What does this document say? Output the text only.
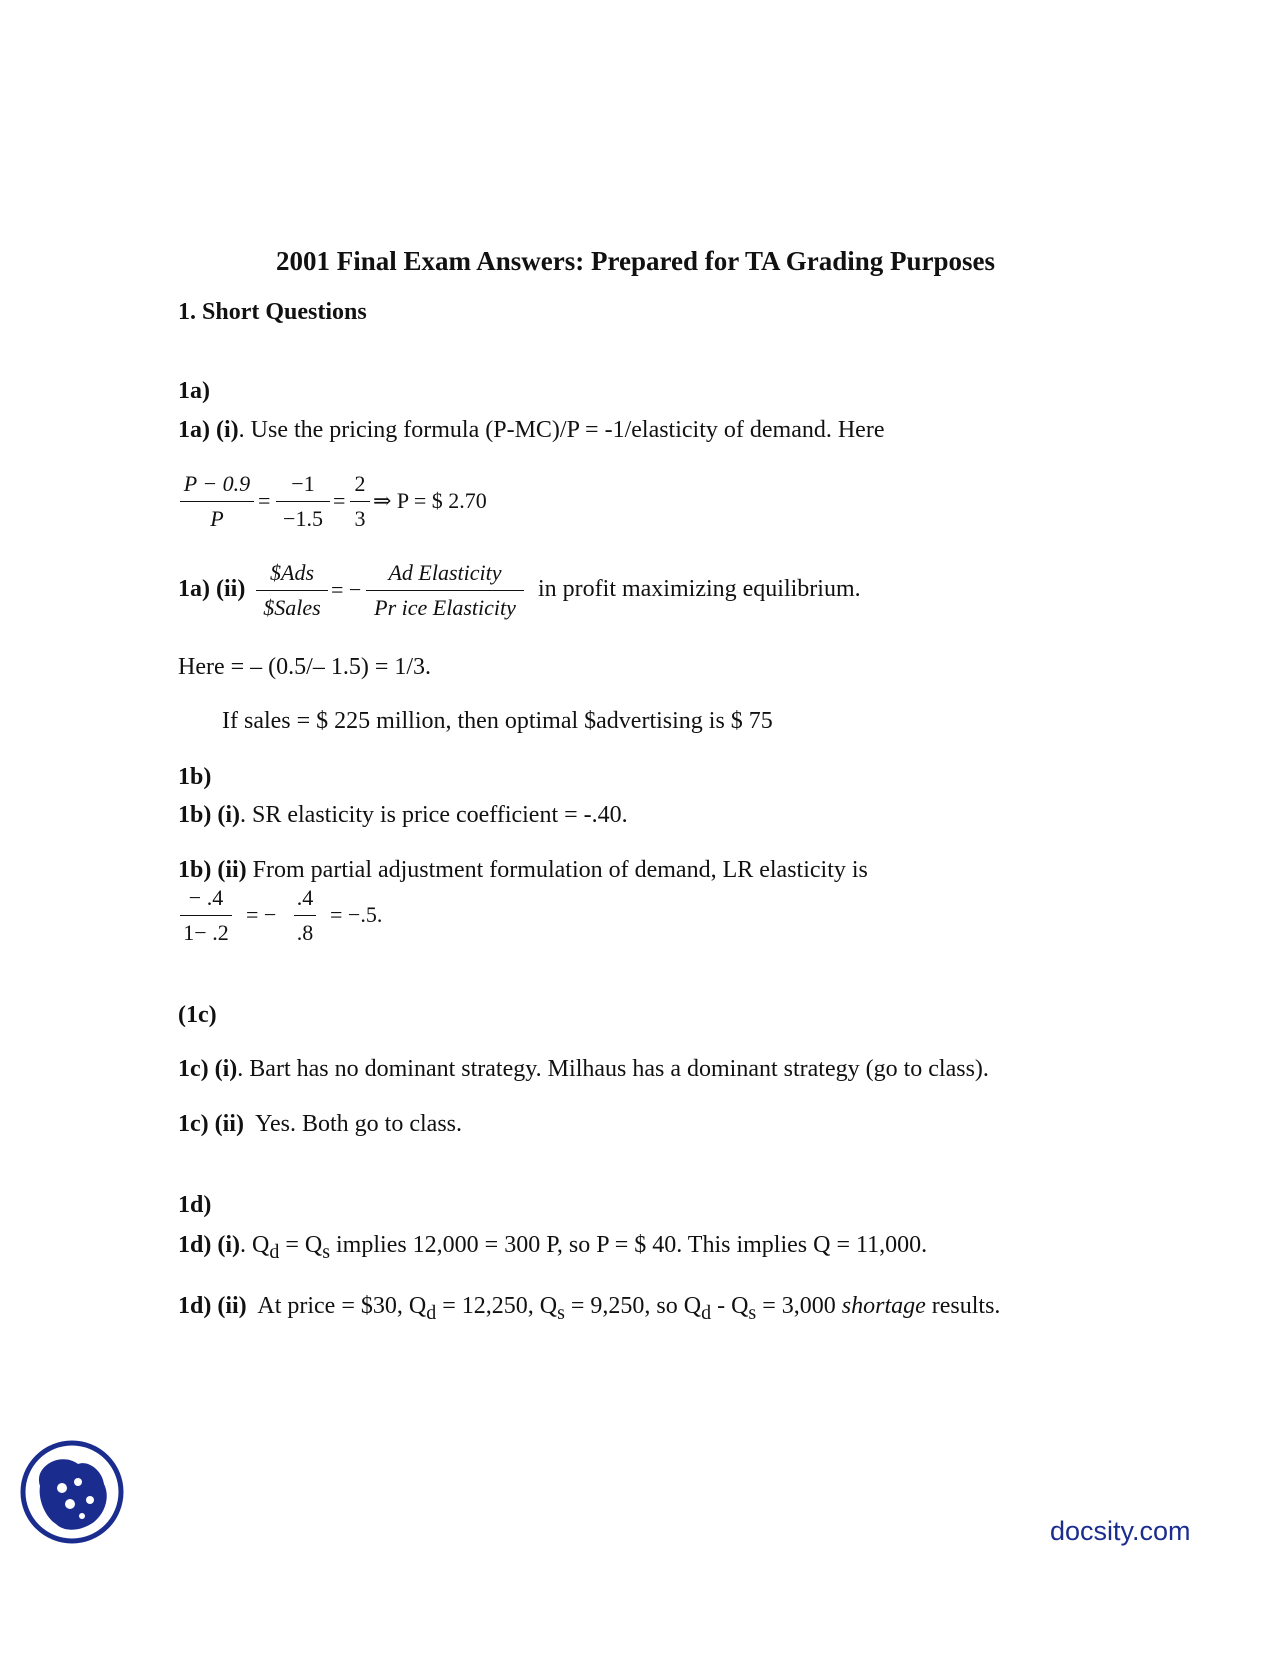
2001 Final Exam Answers: Prepared for TA Grading Purposes
1. Short Questions
1a)
1a) (i). Use the pricing formula (P-MC)/P = -1/elasticity of demand. Here
P − 0.9
P
=
−1
−1.5
=
2
3
⇒ P = $ 2.70
1a) (ii)
$Ads
$Sales
= −
Ad Elasticity
Pr ice Elasticity
in profit maximizing equilibrium.
Here = – (0.5/– 1.5) = 1/3.
If sales = $ 225 million, then optimal $advertising is $ 75
1b)
1b) (i). SR elasticity is price coefficient = -.40.
1b) (ii) From partial adjustment formulation of demand, LR elasticity is
− .4
1− .2
= −
.4
.8
= −.5.
(1c)
1c) (i). Bart has no dominant strategy. Milhaus has a dominant strategy (go to class).
1c) (ii) Yes. Both go to class.
1d)
1d) (i). $Q_d = Q_s$ implies 12,000 = 300 P, so P = $ 40. This implies Q = 11,000.
1d) (ii) At price = $30, $Q_d = 12,250$, $Q_s = 9,250$, so $Q_d - Q_s = 3,000$ shortage results.
docsity.com
